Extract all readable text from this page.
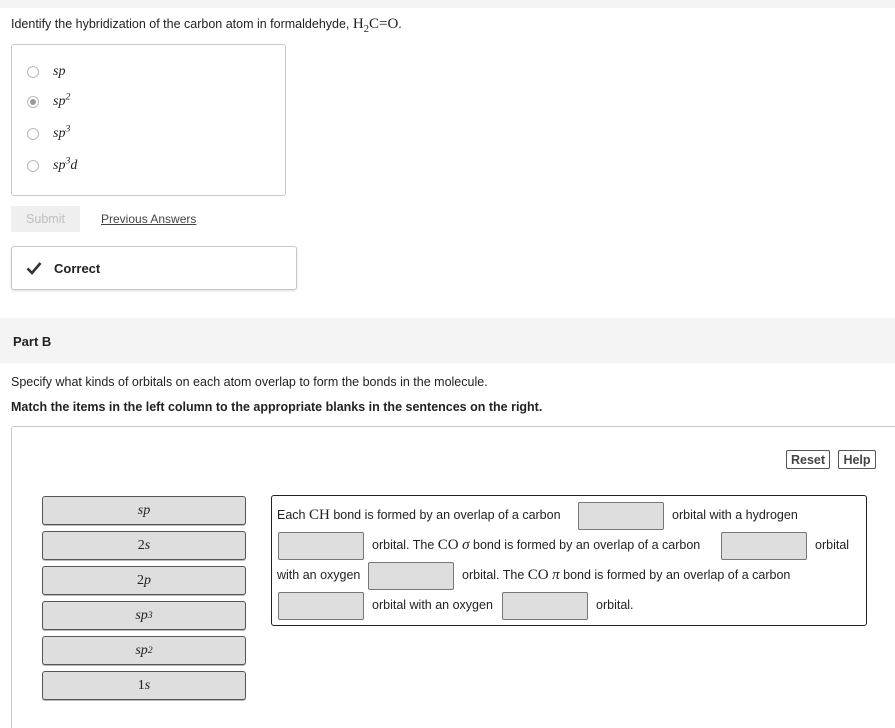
Identify the hybridization of the carbon atom in formaldehyde, $H_2C=O$.
sp
$sp^2$
$sp^3$
$sp^3d$
Submit	Previous Answers
Correct
Part B
Specify what kinds of orbitals on each atom overlap to form the bonds in the molecule.
Match the items in the left column to the appropriate blanks in the sentences on the right.
Reset	Help
sp
2 s
2 p
sp 3
sp 2
1 s
Each CH bond is formed by an overlap of a carbon	orbital with a hydrogen
orbital. The CO σ bond is formed by an overlap of a carbon	orbital
with an oxygen	orbital. The CO π bond is formed by an overlap of a carbon
orbital with an oxygen	orbital.
